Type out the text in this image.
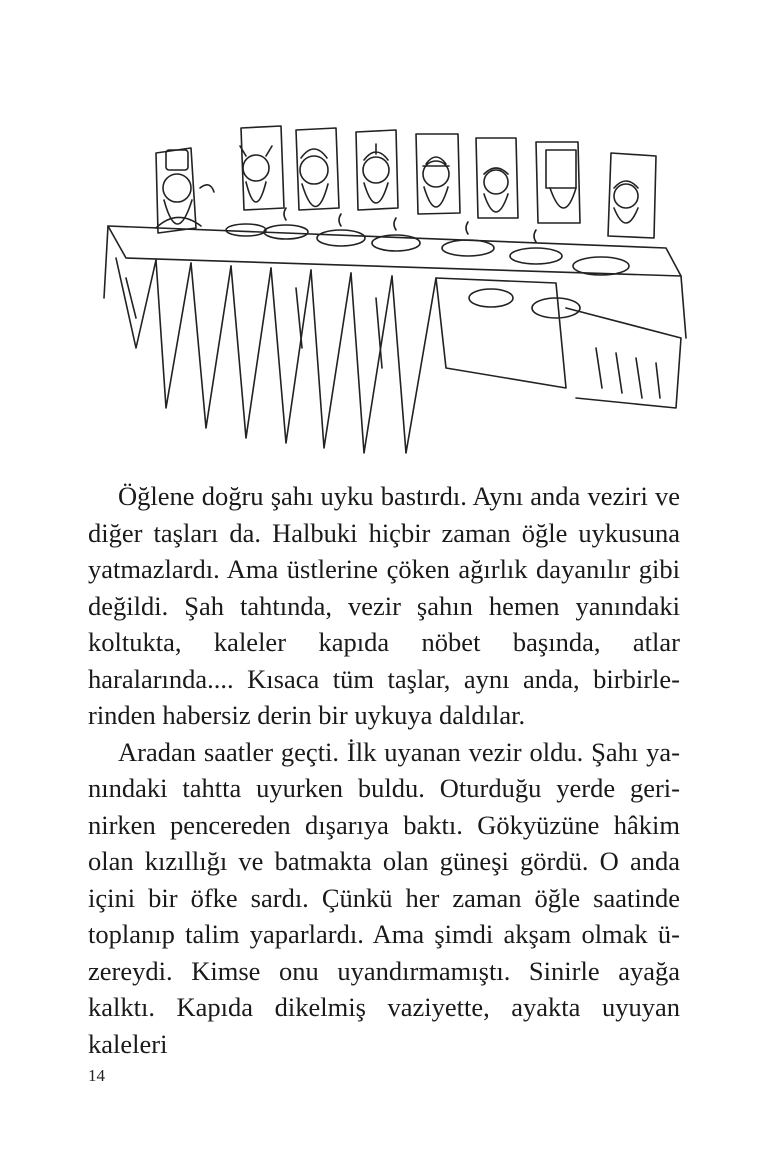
Öğlene doğru şahı uyku bastırdı. Aynı anda veziri ve diğer taşları da. Halbuki hiçbir zaman öğle uykusuna yatmazlardı. Ama üstlerine çöken ağırlık dayanılır gibi değildi. Şah tahtında, vezir şahın hemen yanındaki koltukta, kaleler kapıda nöbet başında, atlar haralarında.... Kısaca tüm taşlar, aynı anda, birbirlerinden habersiz derin bir uykuya daldılar.

Aradan saatler geçti. İlk uyanan vezir oldu. Şahı yanındaki tahtta uyurken buldu. Oturduğu yerde gerinirken pencereden dışarıya baktı. Gökyüzüne hâkim olan kızıllığı ve batmakta olan güneşi gördü. O anda içini bir öfke sardı. Çünkü her zaman öğle saatinde toplanıp talim yaparlardı. Ama şimdi akşam olmak üzereydi. Kimse onu uyandırmamıştı. Sinirle ayağa kalktı. Kapıda dikelmiş vaziyette, ayakta uyuyan kaleleri

14
